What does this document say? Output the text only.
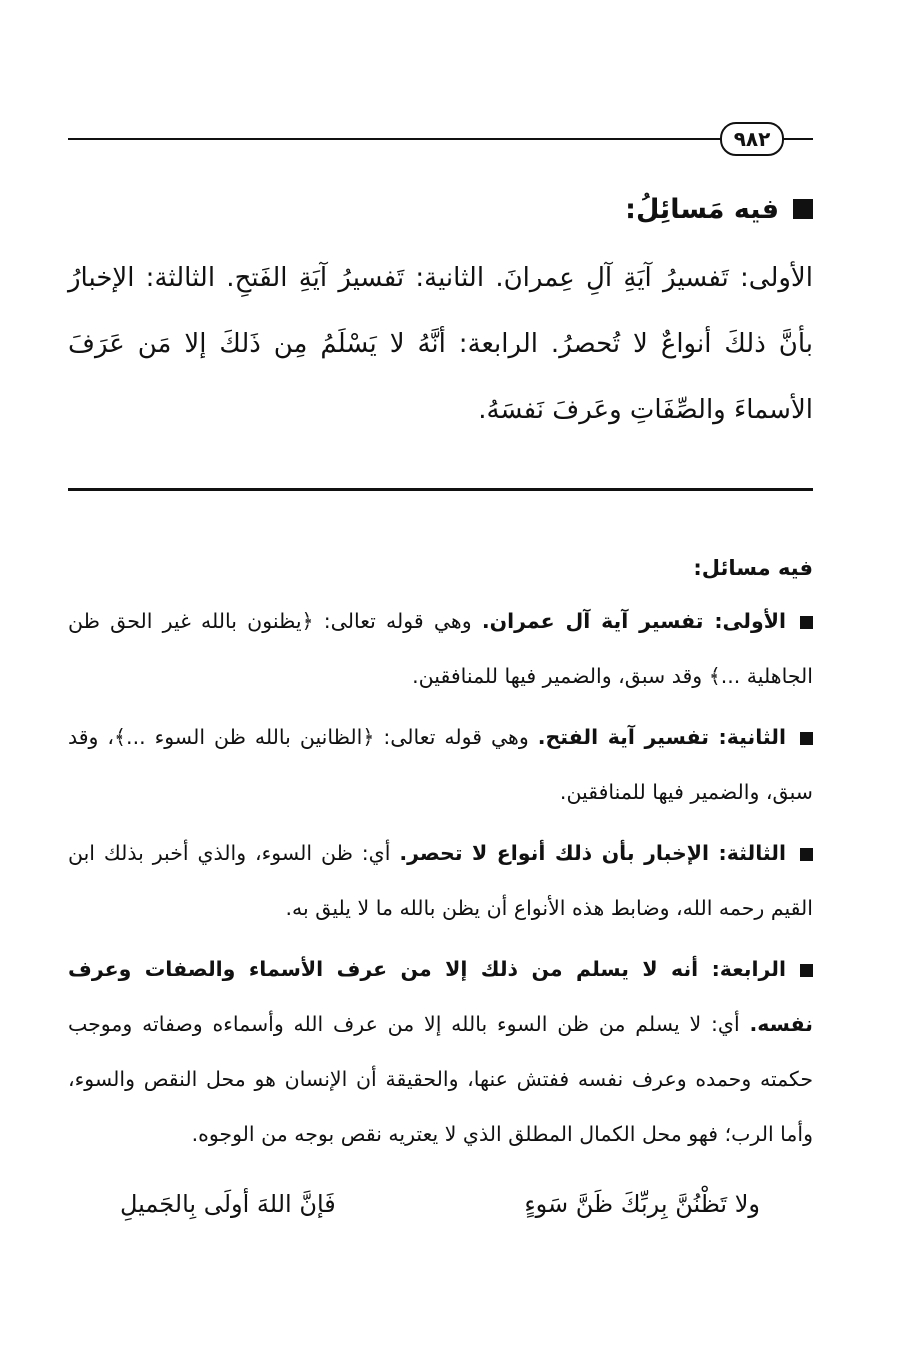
٩٨٢
فيه مَسائِلُ:
الأولى: تَفسيرُ آيَةِ آلِ عِمرانَ. الثانية: تَفسيرُ آيَةِ الفَتحِ. الثالثة: الإخبارُ بأنَّ ذلكَ أنواعٌ لا تُحصرُ. الرابعة: أنَّهُ لا يَسْلَمُ مِن ذَلكَ إلا مَن عَرَفَ الأسماءَ والصِّفَاتِ وعَرفَ نَفسَهُ.
فيه مسائل:
الأولى: تفسير آية آل عمران. وهي قوله تعالى: ﴿يظنون بالله غير الحق ظن الجاهلية ...﴾ وقد سبق، والضمير فيها للمنافقين.
الثانية: تفسير آية الفتح. وهي قوله تعالى: ﴿الظانين بالله ظن السوء ...﴾، وقد سبق، والضمير فيها للمنافقين.
الثالثة: الإخبار بأن ذلك أنواع لا تحصر. أي: ظن السوء، والذي أخبر بذلك ابن القيم رحمه الله، وضابط هذه الأنواع أن يظن بالله ما لا يليق به.
الرابعة: أنه لا يسلم من ذلك إلا من عرف الأسماء والصفات وعرف نفسه. أي: لا يسلم من ظن السوء بالله إلا من عرف الله وأسماءه وصفاته وموجب حكمته وحمده وعرف نفسه ففتش عنها، والحقيقة أن الإنسان هو محل النقص والسوء، وأما الرب؛ فهو محل الكمال المطلق الذي لا يعتريه نقص بوجه من الوجوه.
ولا تَظْنُنَّ بِربِّكَ ظَنَّ سَوءٍ
فَإنَّ اللهَ أولَى بِالجَميلِ
